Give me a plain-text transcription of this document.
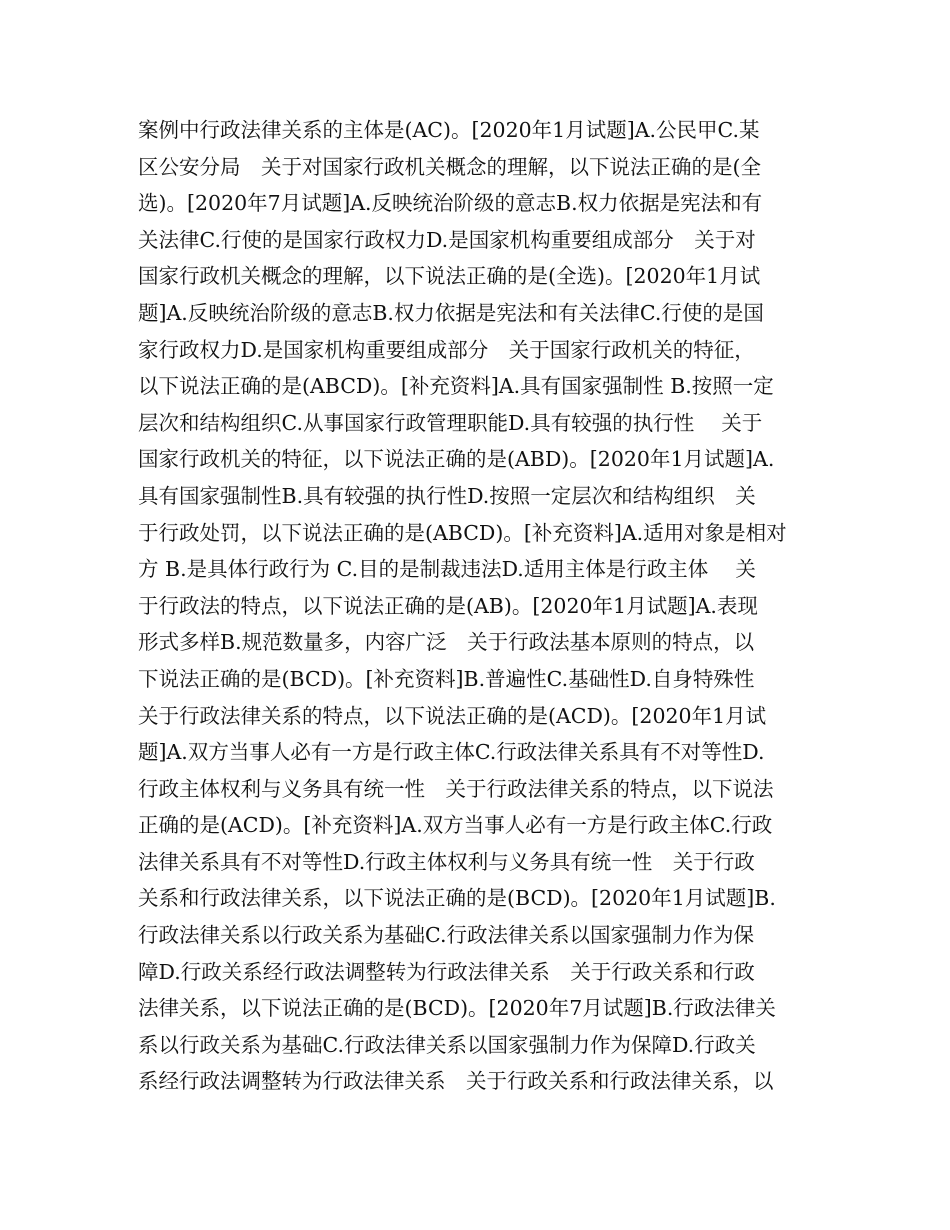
案例中行政法律关系的主体是(AC)。[2020年1月试题]A.公民甲C.某
区公安分局　关于对国家行政机关概念的理解，以下说法正确的是(全
选)。[2020年7月试题]A.反映统治阶级的意志B.权力依据是宪法和有
关法律C.行使的是国家行政权力D.是国家机构重要组成部分　关于对
国家行政机关概念的理解，以下说法正确的是(全选)。[2020年1月试
题]A.反映统治阶级的意志B.权力依据是宪法和有关法律C.行使的是国
家行政权力D.是国家机构重要组成部分　关于国家行政机关的特征，
以下说法正确的是(ABCD)。[补充资料]A.具有国家强制性 B.按照一定
层次和结构组织C.从事国家行政管理职能D.具有较强的执行性　 关于
国家行政机关的特征，以下说法正确的是(ABD)。[2020年1月试题]A.
具有国家强制性B.具有较强的执行性D.按照一定层次和结构组织　关
于行政处罚，以下说法正确的是(ABCD)。[补充资料]A.适用对象是相对
方 B.是具体行政行为 C.目的是制裁违法D.适用主体是行政主体　 关
于行政法的特点，以下说法正确的是(AB)。[2020年1月试题]A.表现
形式多样B.规范数量多，内容广泛　关于行政法基本原则的特点，以
下说法正确的是(BCD)。[补充资料]B.普遍性C.基础性D.自身特殊性
关于行政法律关系的特点，以下说法正确的是(ACD)。[2020年1月试
题]A.双方当事人必有一方是行政主体C.行政法律关系具有不对等性D.
行政主体权利与义务具有统一性　关于行政法律关系的特点，以下说法
正确的是(ACD)。[补充资料]A.双方当事人必有一方是行政主体C.行政
法律关系具有不对等性D.行政主体权利与义务具有统一性　关于行政
关系和行政法律关系，以下说法正确的是(BCD)。[2020年1月试题]B.
行政法律关系以行政关系为基础C.行政法律关系以国家强制力作为保
障D.行政关系经行政法调整转为行政法律关系　关于行政关系和行政
法律关系，以下说法正确的是(BCD)。[2020年7月试题]B.行政法律关
系以行政关系为基础C.行政法律关系以国家强制力作为保障D.行政关
系经行政法调整转为行政法律关系　关于行政关系和行政法律关系，以
